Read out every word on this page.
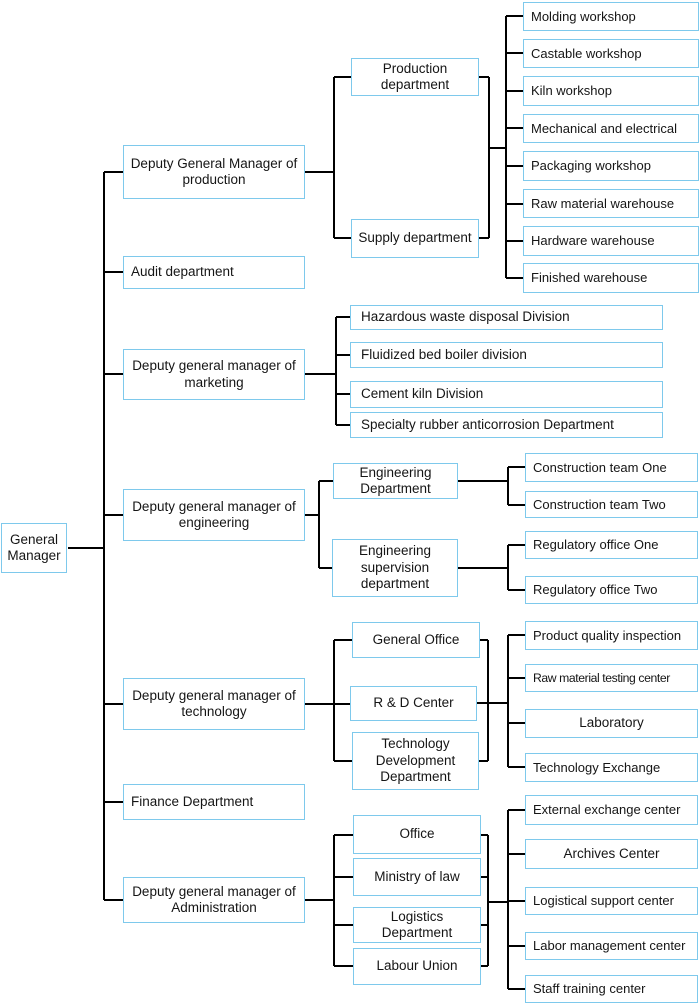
General Manager
Deputy General Manager of production
Audit department
Deputy general manager of marketing
Deputy general manager of engineering
Deputy general manager of technology
Finance Department
Deputy general manager of Administration
Production department
Supply department
Molding workshop
Castable workshop
Kiln workshop
Mechanical and electrical
Packaging workshop
Raw material warehouse
Hardware warehouse
Finished warehouse
Hazardous waste disposal Division
Fluidized bed boiler division
Cement kiln Division
Specialty rubber anticorrosion Department
Engineering Department
Engineering supervision department
Construction team One
Construction team Two
Regulatory office One
Regulatory office Two
General Office
R & D Center
Technology Development Department
Product quality inspection
Raw material testing center
Laboratory
Technology Exchange
Office
Ministry of law
Logistics Department
Labour Union
External exchange center
Archives Center
Logistical support center
Labor management center
Staff training center
